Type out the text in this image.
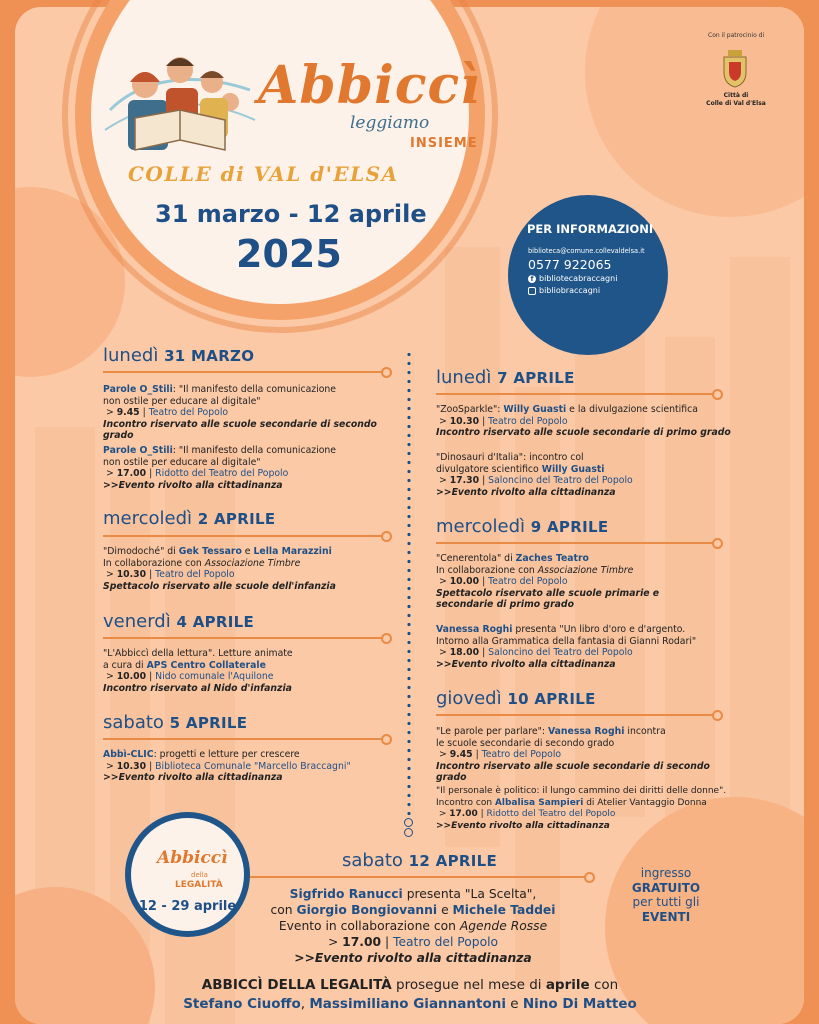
Abbiccì
leggiamo
INSIEME
COLLE di VAL d'ELSA
31 marzo - 12 aprile
2025
Con il patrocinio di
Città di
Colle di Val d'Elsa
PER INFORMAZIONI
biblioteca@comune.collevaldelsa.it
0577 922065
f bibliotecabraccagni
bibliobraccagni
lunedì 31 MARZO
Parole O_Stili: "Il manifesto della comunicazione
non ostile per educare al digitale"
> 9.45 | Teatro del Popolo
Incontro riservato alle scuole secondarie di secondo grado
Parole O_Stili: "Il manifesto della comunicazione
non ostile per educare al digitale"
> 17.00 | Ridotto del Teatro del Popolo
>>Evento rivolto alla cittadinanza
mercoledì 2 APRILE
"Dimodoché" di Gek Tessaro e Lella Marazzini
In collaborazione con Associazione Timbre
> 10.30 | Teatro del Popolo
Spettacolo riservato alle scuole dell'infanzia
venerdì 4 APRILE
"L'Abbiccì della lettura". Letture animate
a cura di APS Centro Collaterale
> 10.00 | Nido comunale l'Aquilone
Incontro riservato al Nido d'infanzia
sabato 5 APRILE
Abbì-CLIC: progetti e letture per crescere
> 10.30 | Biblioteca Comunale "Marcello Braccagni"
>>Evento rivolto alla cittadinanza
lunedì 7 APRILE
"ZooSparkle": Willy Guasti e la divulgazione scientifica
> 10.30 | Teatro del Popolo
Incontro riservato alle scuole secondarie di primo grado
"Dinosauri d'Italia": incontro col
divulgatore scientifico Willy Guasti
> 17.30 | Saloncino del Teatro del Popolo
>>Evento rivolto alla cittadinanza
mercoledì 9 APRILE
"Cenerentola" di Zaches Teatro
In collaborazione con Associazione Timbre
> 10.00 | Teatro del Popolo
Spettacolo riservato alle scuole primarie e
secondarie di primo grado
Vanessa Roghi presenta "Un libro d'oro e d'argento.
Intorno alla Grammatica della fantasia di Gianni Rodari"
> 18.00 | Saloncino del Teatro del Popolo
>>Evento rivolto alla cittadinanza
giovedì 10 APRILE
"Le parole per parlare": Vanessa Roghi incontra
le scuole secondarie di secondo grado
> 9.45 | Teatro del Popolo
Incontro riservato alle scuole secondarie di secondo grado
"Il personale è politico: il lungo cammino dei diritti delle donne".
Incontro con Albalisa Sampieri di Atelier Vantaggio Donna
> 17.00 | Ridotto del Teatro del Popolo
>>Evento rivolto alla cittadinanza
sabato 12 APRILE
Sigfrido Ranucci presenta "La Scelta",
con Giorgio Bongiovanni e Michele Taddei
Evento in collaborazione con Agende Rosse
> 17.00 | Teatro del Popolo
>>Evento rivolto alla cittadinanza
Abbiccì
della
LEGALITÀ
12 - 29 aprile
ingresso
GRATUITO
per tutti gli
EVENTI
ABBICCÌ DELLA LEGALITÀ prosegue nel mese di aprile con
Stefano Ciuoffo, Massimiliano Giannantoni e Nino Di Matteo
